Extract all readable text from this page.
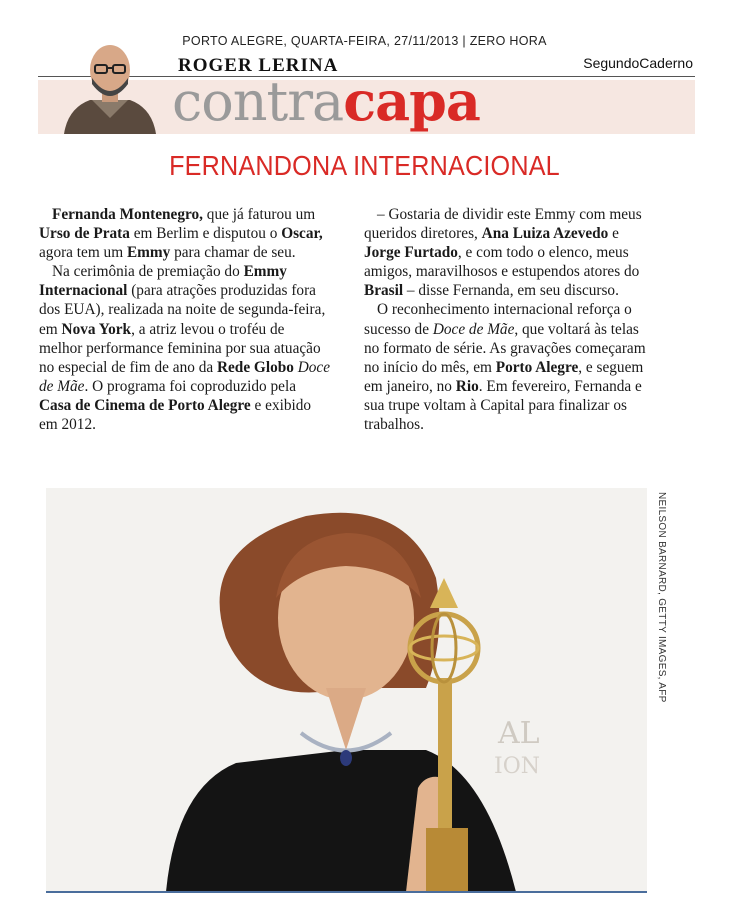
PORTO ALEGRE, QUARTA-FEIRA, 27/11/2013 | ZERO HORA
ROGER LERINA	SegundoCaderno
contracapa
FERNANDONA INTERNACIONAL

Fernanda Montenegro, que já faturou um Urso de Prata em Berlim e disputou o Oscar, agora tem um Emmy para chamar de seu.

Na cerimônia de premiação do Emmy Internacional (para atrações produzidas fora dos EUA), realizada na noite de segunda-feira, em Nova York, a atriz levou o troféu de melhor performance feminina por sua atuação no especial de fim de ano da Rede Globo Doce de Mãe. O programa foi coproduzido pela Casa de Cinema de Porto Alegre e exibido em 2012.

– Gostaria de dividir este Emmy com meus queridos diretores, Ana Luiza Azevedo e Jorge Furtado, e com todo o elenco, meus amigos, maravilhosos e estupendos atores do Brasil – disse Fernanda, em seu discurso.

O reconhecimento internacional reforça o sucesso de Doce de Mãe, que voltará às telas no formato de série. As gravações começaram no início do mês, em Porto Alegre, e seguem em janeiro, no Rio. Em fevereiro, Fernanda e sua trupe voltam à Capital para finalizar os trabalhos.

AL
ION
NEILSON BARNARD, GETTY IMAGES, AFP
